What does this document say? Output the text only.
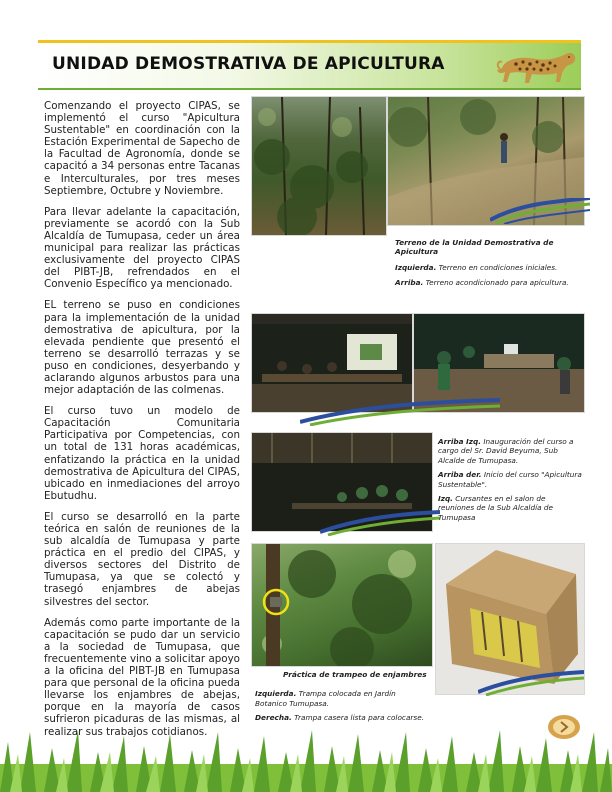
UNIDAD DEMOSTRATIVA DE APICULTURA

Comenzando el proyecto CIPAS, se implementó el curso "Apicultura Sustentable" en coordinación con la Estación Experimental de Sapecho de la Facultad de Agronomía, donde se capacitó a 34 personas entre Tacanas e Interculturales, por tres meses Septiembre, Octubre y Noviembre.

Para llevar adelante la capacitación, previamente se acordó con la Sub Alcaldía de Tumupasa, ceder un área municipal para realizar las prácticas exclusivamente del proyecto CIPAS del PIBT-JB, refrendados en el Convenio Específico ya mencionado.

EL terreno se puso en condiciones para la implementación de la unidad demostrativa de apicultura, por la elevada pendiente que presentó el terreno se desarrolló terrazas y se puso en condiciones, desyerbando y aclarando algunos arbustos para una mejor adaptación de las colmenas.

El curso tuvo un modelo de Capacitación Comunitaria Participativa por Competencias, con un total de 131 horas académicas, enfatizando la práctica en la unidad demostrativa de Apicultura del CIPAS, ubicado en inmediaciones del arroyo Ebutudhu.

El curso se desarrolló en la parte teórica en salón de reuniones de la sub alcaldía de Tumupasa y parte práctica en el predio del CIPAS, y diversos sectores del Distrito de Tumupasa, ya que se colectó y trasegó enjambres de abejas silvestres del sector.

Además como parte importante de la capacitación se pudo dar un servicio a la sociedad de Tumupasa, que frecuentemente vino a solicitar apoyo a la oficina del PIBT-JB en Tumupasa para que personal de la oficina pueda llevarse los enjambres de abejas, porque en la mayoría de casos sufrieron picaduras de las mismas, al realizar sus trabajos cotidianos.

Terreno de la Unidad Demostrativa de Apicultura
Izquierda. Terreno en condiciones iniciales.
Arriba. Terreno acondicionado para apicultura.
Arriba Izq. Inauguración del curso a cargo del Sr. David Beyuma, Sub Alcalde de Tumupasa.
Arriba der. Inicio del curso "Apicultura Sustentable".
Izq. Cursantes en el salon de reuniones de la Sub Alcaldía de Tumupasa
Práctica de trampeo de enjambres
Izquierda. Trampa colocada en Jardín Botanico Tumupasa.
Derecha. Trampa casera lista para colocarse.
